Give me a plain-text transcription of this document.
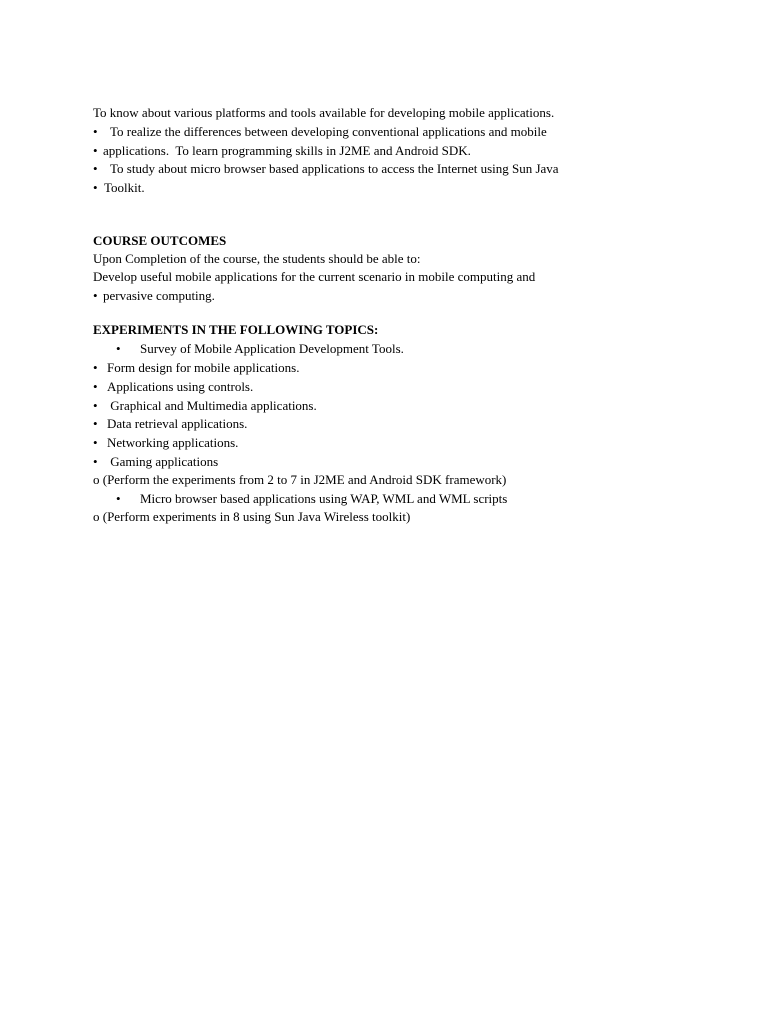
To know about various platforms and tools available for developing mobile applications.
• To realize the differences between developing conventional applications and mobile
• applications.  To learn programming skills in J2ME and Android SDK.
• To study about micro browser based applications to access the Internet using Sun Java
• Toolkit.
COURSE OUTCOMES
Upon Completion of the course, the students should be able to:
Develop useful mobile applications for the current scenario in mobile computing and
• pervasive computing.
EXPERIMENTS IN THE FOLLOWING TOPICS:
• Survey of Mobile Application Development Tools.
• Form design for mobile applications.
• Applications using controls.
• Graphical and Multimedia applications.
• Data retrieval applications.
• Networking applications.
• Gaming applications
o (Perform the experiments from 2 to 7 in J2ME and Android SDK framework)
• Micro browser based applications using WAP, WML and WML scripts
o (Perform experiments in 8 using Sun Java Wireless toolkit)
